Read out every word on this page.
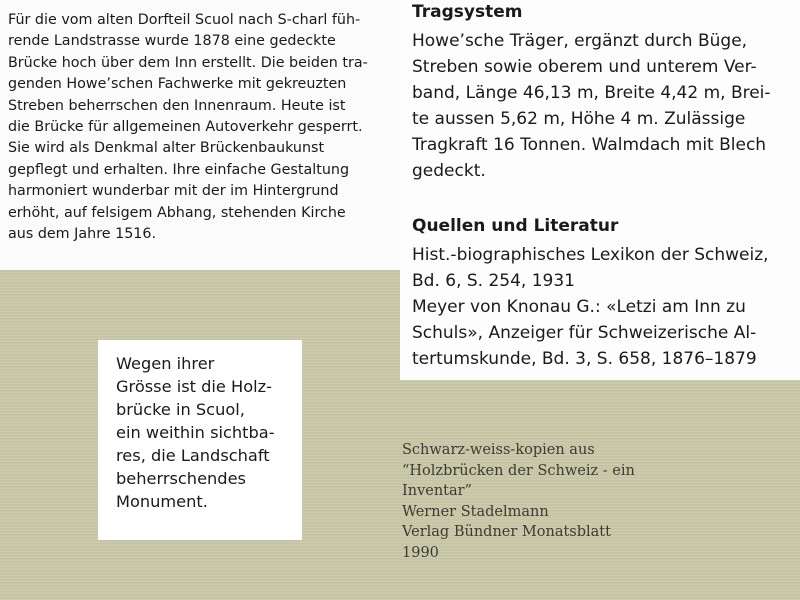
Für die vom alten Dorfteil Scuol nach S-charl füh-
rende Landstrasse wurde 1878 eine gedeckte
Brücke hoch über dem Inn erstellt. Die beiden tra-
genden Howe’schen Fachwerke mit gekreuzten
Streben beherrschen den Innenraum. Heute ist
die Brücke für allgemeinen Autoverkehr gesperrt.
Sie wird als Denkmal alter Brückenbaukunst
gepflegt und erhalten. Ihre einfache Gestaltung
harmoniert wunderbar mit der im Hintergrund
erhöht, auf felsigem Abhang, stehenden Kirche
aus dem Jahre 1516.
Tragsystem
Howe’sche Träger, ergänzt durch Büge,
Streben sowie oberem und unterem Ver-
band, Länge 46,13 m, Breite 4,42 m, Brei-
te aussen 5,62 m, Höhe 4 m. Zulässige
Tragkraft 16 Tonnen. Walmdach mit Blech
gedeckt.
Quellen und Literatur
Hist.-biographisches Lexikon der Schweiz,
Bd. 6, S. 254, 1931
Meyer von Knonau G.: «Letzi am Inn zu
Schuls», Anzeiger für Schweizerische Al-
tertumskunde, Bd. 3, S. 658, 1876–1879
Wegen ihrer
Grösse ist die Holz-
brücke in Scuol,
ein weithin sichtba-
res, die Landschaft
beherrschendes
Monument.
Schwarz-weiss-kopien aus
“Holzbrücken der Schweiz - ein
Inventar”
Werner Stadelmann
Verlag Bündner Monatsblatt
1990
